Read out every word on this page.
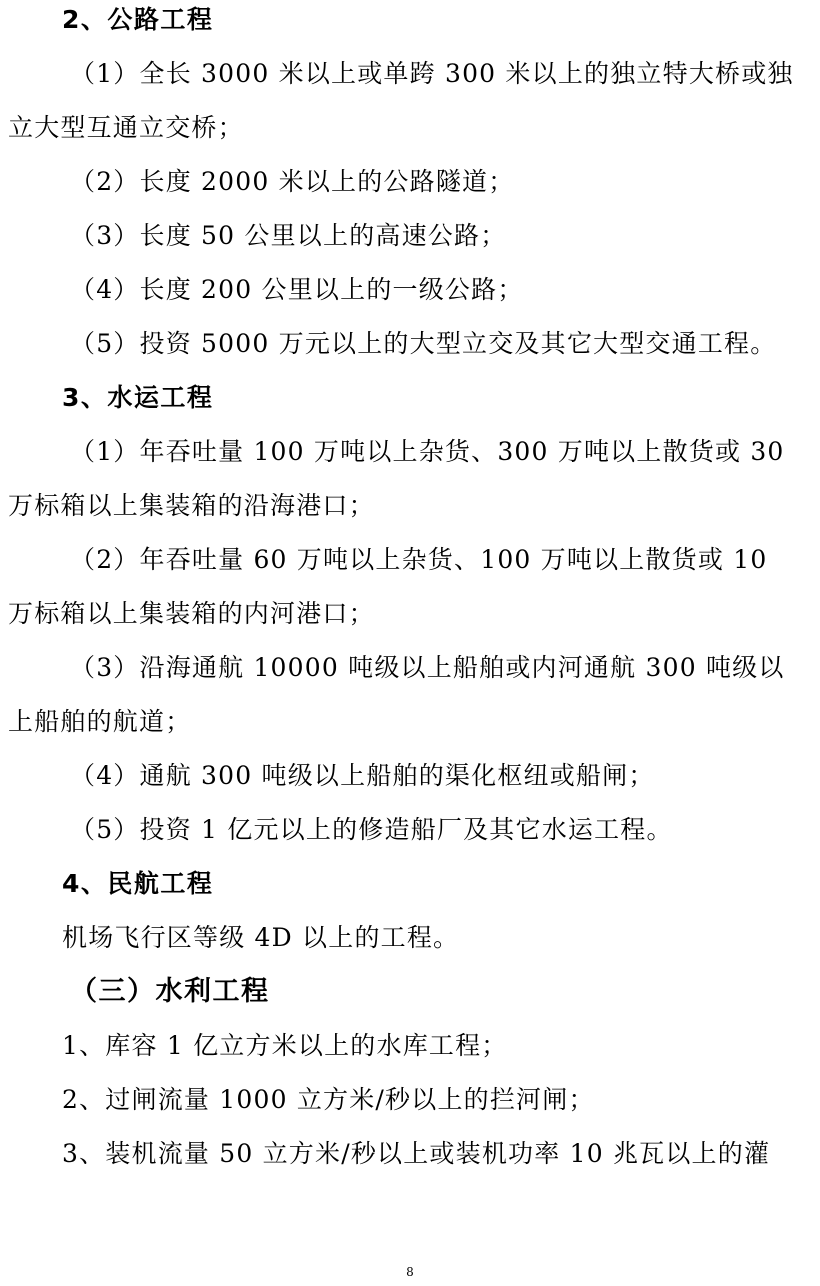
2、公路工程
（1）全长 3000 米以上或单跨 300 米以上的独立特大桥或独
立大型互通立交桥；
（2）长度 2000 米以上的公路隧道；
（3）长度 50 公里以上的高速公路；
（4）长度 200 公里以上的一级公路；
（5）投资 5000 万元以上的大型立交及其它大型交通工程。
3、水运工程
（1）年吞吐量 100 万吨以上杂货、300 万吨以上散货或 30
万标箱以上集装箱的沿海港口；
（2）年吞吐量 60 万吨以上杂货、100 万吨以上散货或 10
万标箱以上集装箱的内河港口；
（3）沿海通航 10000 吨级以上船舶或内河通航 300 吨级以
上船舶的航道；
（4）通航 300 吨级以上船舶的渠化枢纽或船闸；
（5）投资 1 亿元以上的修造船厂及其它水运工程。
4、民航工程
机场飞行区等级 4D 以上的工程。
（三）水利工程
1、库容 1 亿立方米以上的水库工程；
2、过闸流量 1000 立方米/秒以上的拦河闸；
3、装机流量 50 立方米/秒以上或装机功率 10 兆瓦以上的灌
8
